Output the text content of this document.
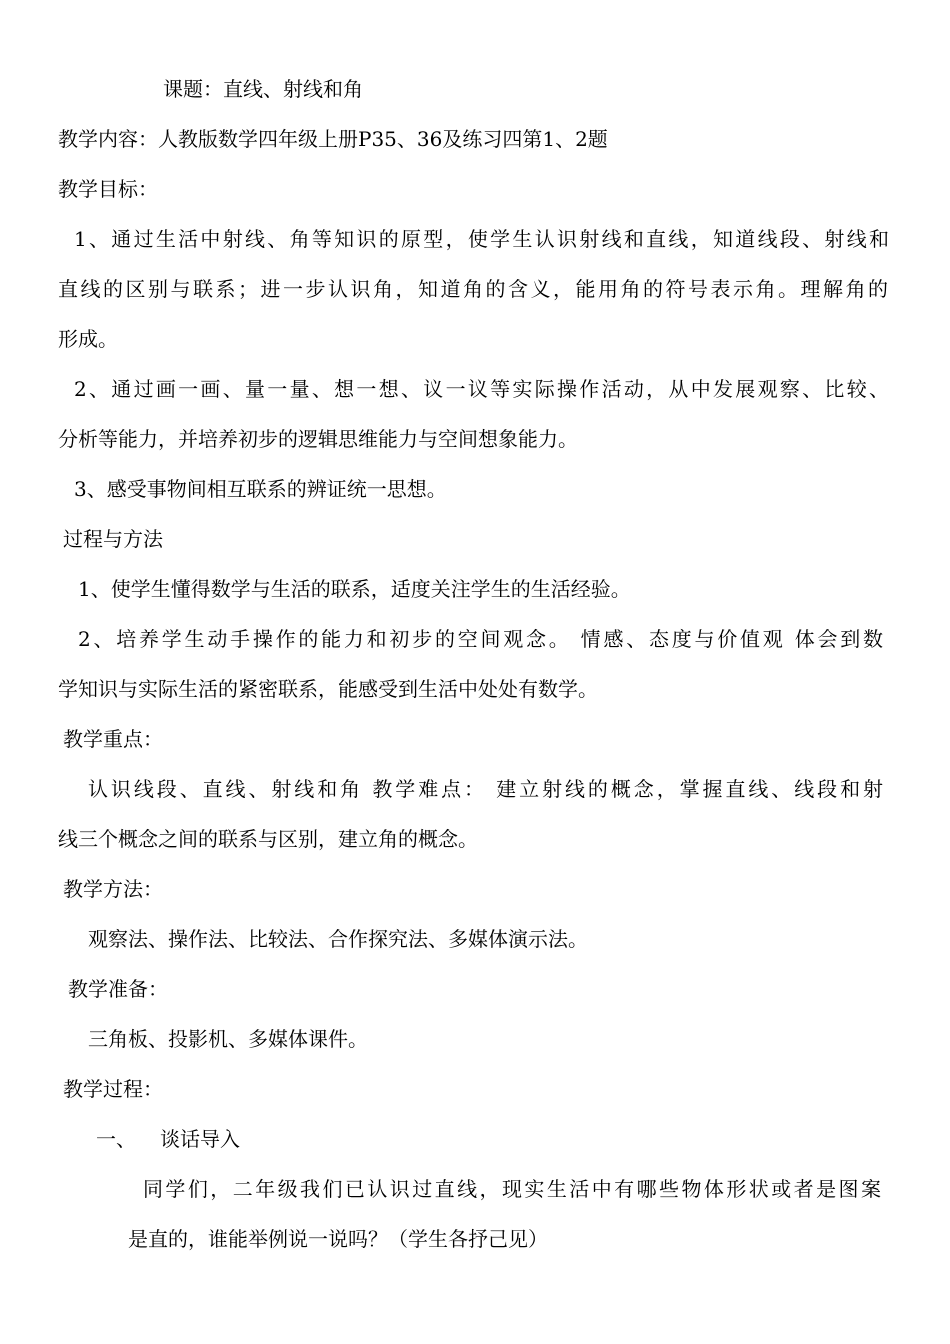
课题：直线、射线和角
教学内容：人教版数学四年级上册P35、36及练习四第1、2题
教学目标：
1、通过生活中射线、角等知识的原型，使学生认识射线和直线，知道线段、射线和
直线的区别与联系；进一步认识角，知道角的含义，能用角的符号表示角。理解角的
形成。
2、通过画一画、量一量、想一想、议一议等实际操作活动，从中发展观察、比较、
分析等能力，并培养初步的逻辑思维能力与空间想象能力。
3、感受事物间相互联系的辨证统一思想。
过程与方法
1、使学生懂得数学与生活的联系，适度关注学生的生活经验。
2、培养学生动手操作的能力和初步的空间观念。 情感、态度与价值观 体会到数
学知识与实际生活的紧密联系，能感受到生活中处处有数学。
教学重点：
认识线段、直线、射线和角 教学难点： 建立射线的概念，掌握直线、线段和射
线三个概念之间的联系与区别，建立角的概念。
教学方法：
观察法、操作法、比较法、合作探究法、多媒体演示法。
教学准备：
三角板、投影机、多媒体课件。
教学过程：
一、 谈话导入
同学们，二年级我们已认识过直线，现实生活中有哪些物体形状或者是图案
是直的，谁能举例说一说吗？（学生各抒己见）
